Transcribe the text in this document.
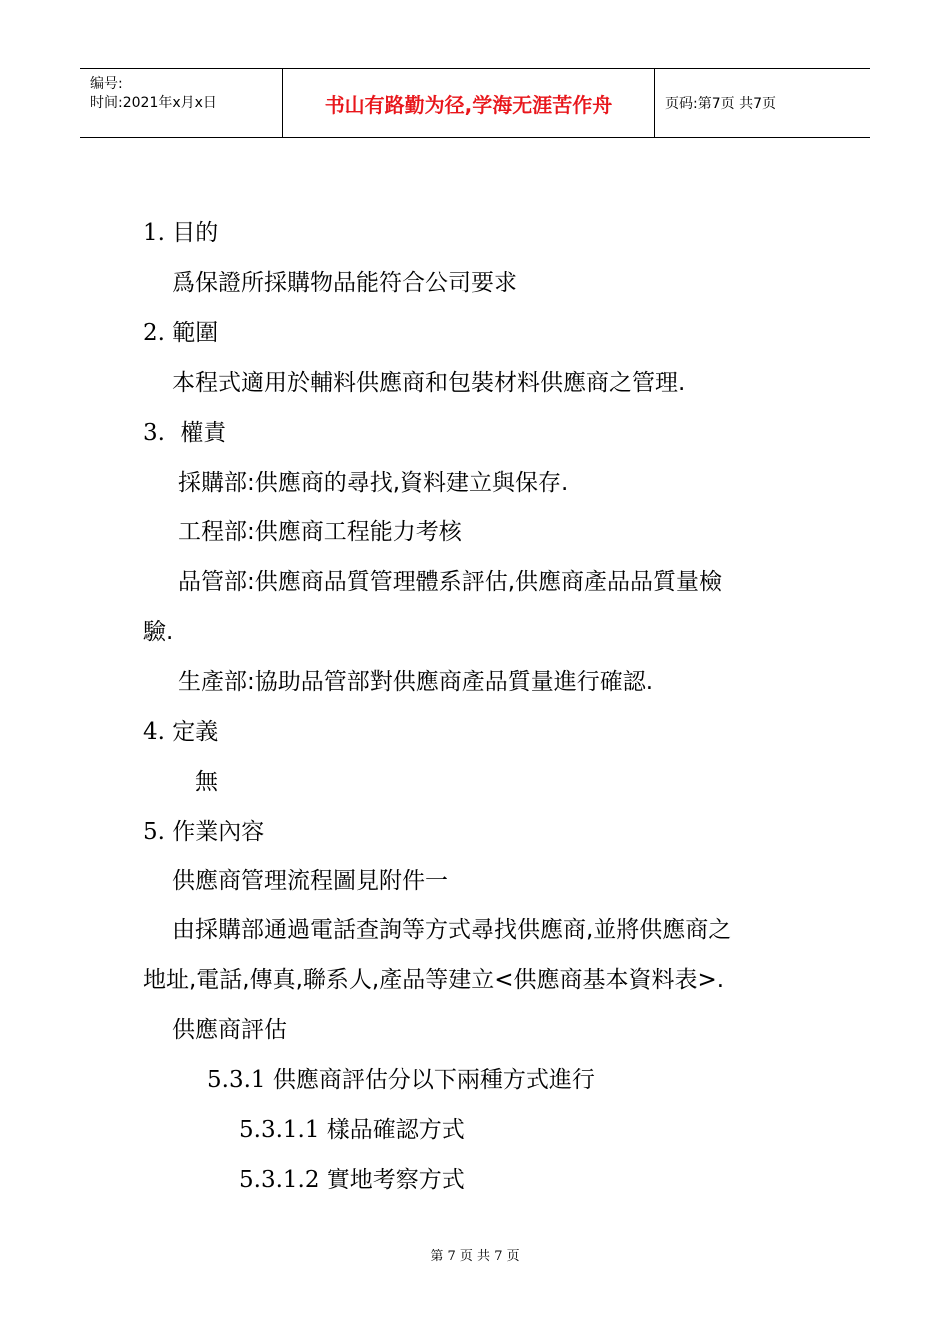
编号:
时间:2021年x月x日	书山有路勤为径,学海无涯苦作舟	页码:第7页 共7页
1. 目的
爲保證所採購物品能符合公司要求
2. 範圍
本程式適用於輔料供應商和包裝材料供應商之管理.
3. 權責
採購部:供應商的尋找,資料建立與保存.
工程部:供應商工程能力考核
品管部:供應商品質管理體系評估,供應商產品品質量檢
驗.
生產部:協助品管部對供應商產品質量進行確認.
4. 定義
無
5. 作業內容
供應商管理流程圖見附件一
由採購部通過電話查詢等方式尋找供應商,並將供應商之
地址,電話,傳真,聯系人,產品等建立<供應商基本資料表>.
供應商評估
5.3.1 供應商評估分以下兩種方式進行
5.3.1.1 樣品確認方式
5.3.1.2 實地考察方式
第 7 页 共 7 页
